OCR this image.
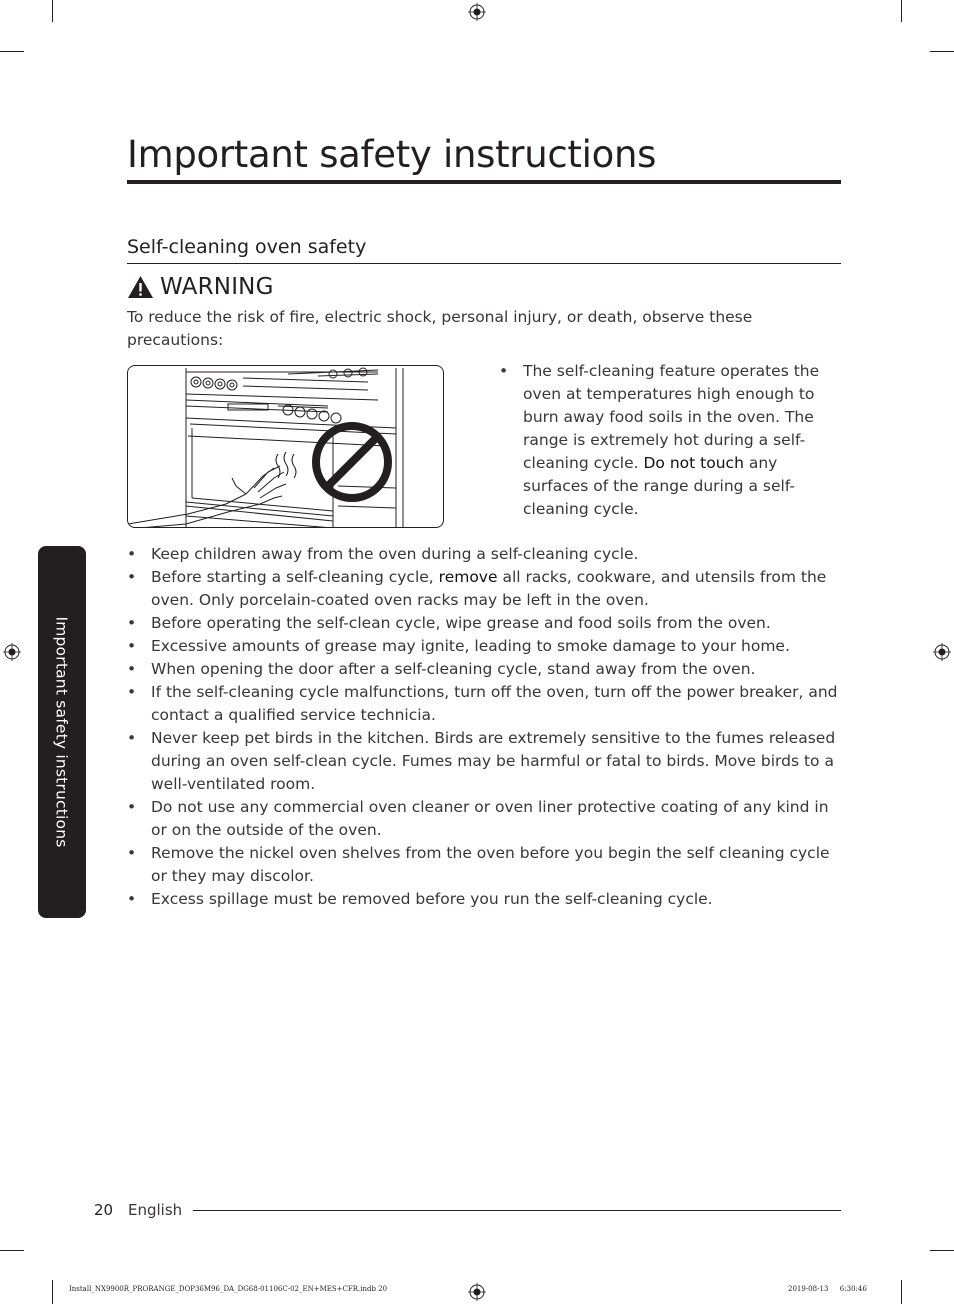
Important safety instructions
Self-cleaning oven safety
WARNING

To reduce the risk of fire, electric shock, personal injury, or death, observe these precautions:

• The self-cleaning feature operates the oven at temperatures high enough to burn away food soils in the oven. The range is extremely hot during a self-cleaning cycle. Do not touch any surfaces of the range during a self-cleaning cycle.
• Keep children away from the oven during a self-cleaning cycle.
• Before starting a self-cleaning cycle, remove all racks, cookware, and utensils from the oven. Only porcelain-coated oven racks may be left in the oven.
• Before operating the self-clean cycle, wipe grease and food soils from the oven.
• Excessive amounts of grease may ignite, leading to smoke damage to your home.
• When opening the door after a self-cleaning cycle, stand away from the oven.
• If the self-cleaning cycle malfunctions, turn off the oven, turn off the power breaker, and contact a qualified service technicia.
• Never keep pet birds in the kitchen. Birds are extremely sensitive to the fumes released during an oven self-clean cycle. Fumes may be harmful or fatal to birds. Move birds to a well-ventilated room.
• Do not use any commercial oven cleaner or oven liner protective coating of any kind in or on the outside of the oven.
• Remove the nickel oven shelves from the oven before you begin the self cleaning cycle or they may discolor.
• Excess spillage must be removed before you run the self-cleaning cycle.
Important safety instructions
20 English
Install_NX9900R_PRORANGE_DOP36M96_DA_DG68-01106C-02_EN+MES+CFR.indb 20	2019-08-13   6:30:46
